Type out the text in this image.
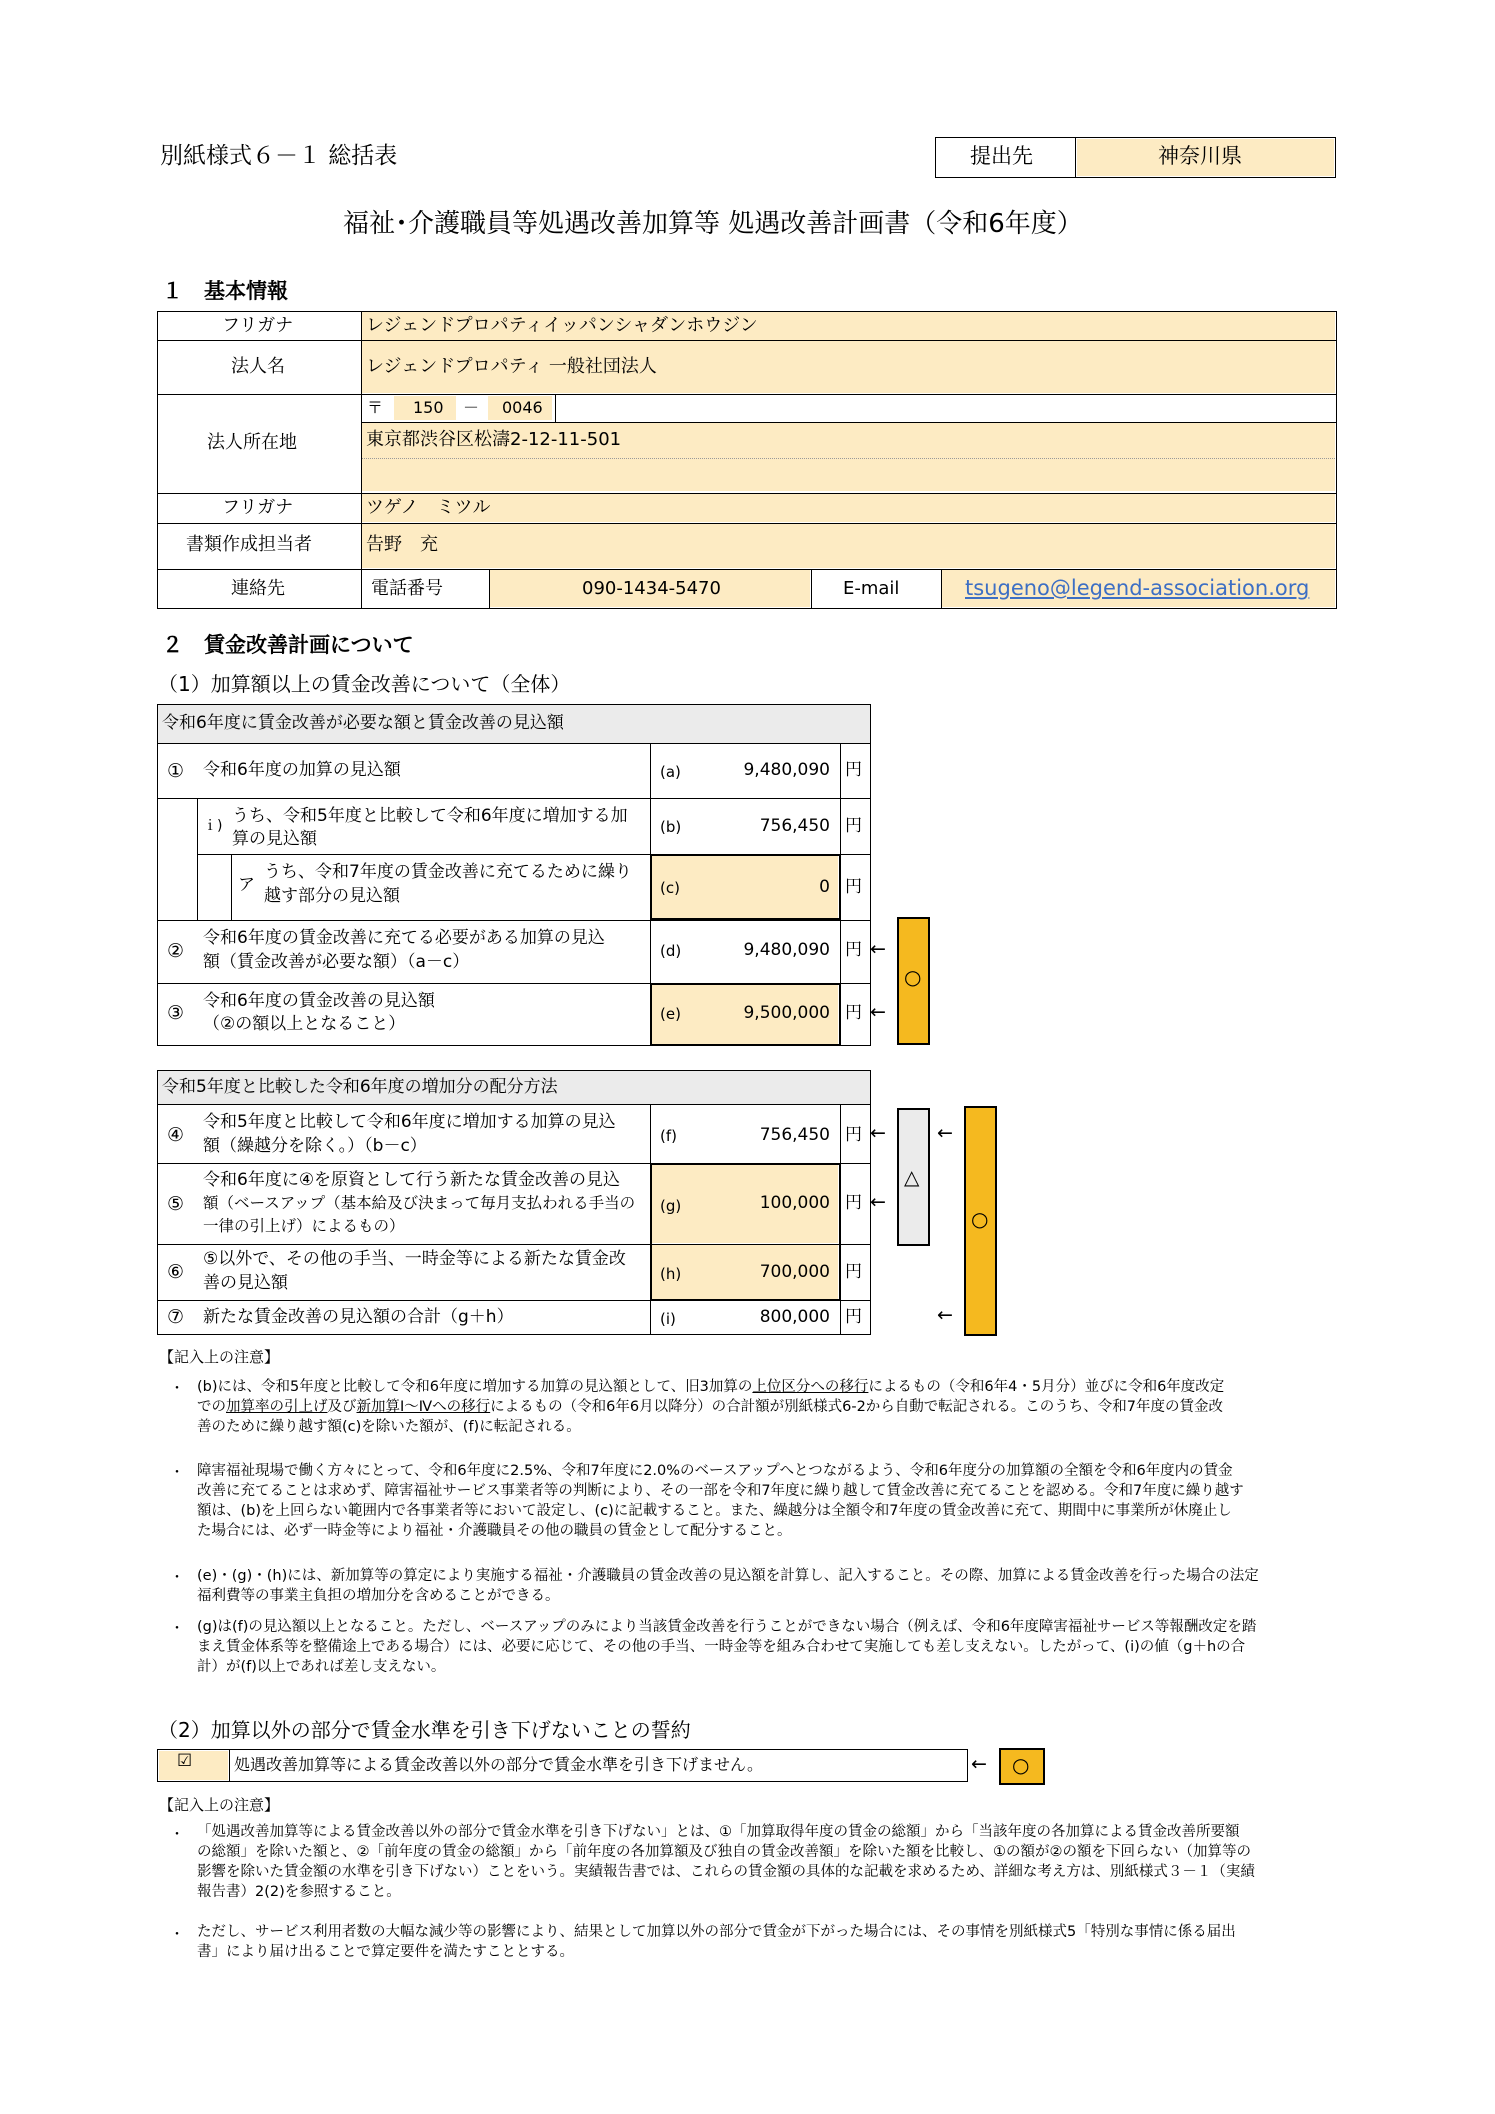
別紙様式６－１ 総括表	提出先	神奈川県
福祉･介護職員等処遇改善加算等 処遇改善計画書（令和6年度）
１　基本情報
フリガナ	レジェンドプロパティイッパンシャダンホウジン
法人名	レジェンドプロパティ 一般社団法人
法人所在地
〒 150 － 0046
東京都渋谷区松濤2-12-11-501
フリガナ	ツゲノ　ミツル
書類作成担当者	告野　充
連絡先	電話番号	090-1434-5470	E-mail	tsugeno@legend-association.org
２　賃金改善計画について
（1）加算額以上の賃金改善について（全体）
令和6年度に賃金改善が必要な額と賃金改善の見込額
① 令和6年度の加算の見込額	(a)	9,480,090 円
ｉ) うち、令和5年度と比較して令和6年度に増加する加
算の見込額
(b)	756,450 円
ア
うち、令和7年度の賃金改善に充てるために繰り
越す部分の見込額	(c)	0 円
②
令和6年度の賃金改善に充てる必要がある加算の見込
額（賃金改善が必要な額）（a－c）
(d)	9,480,090 円
③
令和6年度の賃金改善の見込額
（②の額以上となること）	(e)	9,500,000 円
←
←
○
令和5年度と比較した令和6年度の増加分の配分方法
④
令和5年度と比較して令和6年度に増加する加算の見込
額（繰越分を除く。）（b－c）	(f)	756,450 円
⑤
令和6年度に④を原資として行う新たな賃金改善の見込
額（ベースアップ（基本給及び決まって毎月支払われる手当の
一律の引上げ）によるもの）
(g)	100,000 円
⑥
⑤以外で、その他の手当、一時金等による新たな賃金改
善の見込額	(h)	700,000 円
⑦ 新たな賃金改善の見込額の合計（g＋h）	(i)	800,000 円
←
←
△
←
○
←
【記入上の注意】
・ (b)には、令和5年度と比較して令和6年度に増加する加算の見込額として、旧3加算の上位区分への移行によるもの（令和6年4・5月分）並びに令和6年度改定
での加算率の引上げ及び新加算Ⅰ～Ⅳへの移行によるもの（令和6年6月以降分）の合計額が別紙様式6-2から自動で転記される。このうち、令和7年度の賃金改
善のために繰り越す額(c)を除いた額が、(f)に転記される。
・ 障害福祉現場で働く方々にとって、令和6年度に2.5%、令和7年度に2.0%のベースアップへとつながるよう、令和6年度分の加算額の全額を令和6年度内の賃金
改善に充てることは求めず、障害福祉サービス事業者等の判断により、その一部を令和7年度に繰り越して賃金改善に充てることを認める。令和7年度に繰り越す
額は、(b)を上回らない範囲内で各事業者等において設定し、(c)に記載すること。また、繰越分は全額令和7年度の賃金改善に充て、期間中に事業所が休廃止し
た場合には、必ず一時金等により福祉・介護職員その他の職員の賃金として配分すること。
・ (e)・(g)・(h)には、新加算等の算定により実施する福祉・介護職員の賃金改善の見込額を計算し、記入すること。その際、加算による賃金改善を行った場合の法定
福利費等の事業主負担の増加分を含めることができる。
・ (g)は(f)の見込額以上となること。ただし、ベースアップのみにより当該賃金改善を行うことができない場合（例えば、令和6年度障害福祉サービス等報酬改定を踏
まえ賃金体系等を整備途上である場合）には、必要に応じて、その他の手当、一時金等を組み合わせて実施しても差し支えない。したがって、(i)の値（g＋hの合
計）が(f)以上であれば差し支えない。
（2）加算以外の部分で賃金水準を引き下げないことの誓約
☑	処遇改善加算等による賃金改善以外の部分で賃金水準を引き下げません。	← ○
【記入上の注意】
・ 「処遇改善加算等による賃金改善以外の部分で賃金水準を引き下げない」とは、①「加算取得年度の賃金の総額」から「当該年度の各加算による賃金改善所要額
の総額」を除いた額と、②「前年度の賃金の総額」から「前年度の各加算額及び独自の賃金改善額」を除いた額を比較し、①の額が②の額を下回らない（加算等の
影響を除いた賃金額の水準を引き下げない）ことをいう。実績報告書では、これらの賃金額の具体的な記載を求めるため、詳細な考え方は、別紙様式３－１（実績
報告書）2(2)を参照すること。
・ ただし、サービス利用者数の大幅な減少等の影響により、結果として加算以外の部分で賃金が下がった場合には、その事情を別紙様式5「特別な事情に係る届出
書」により届け出ることで算定要件を満たすこととする。
